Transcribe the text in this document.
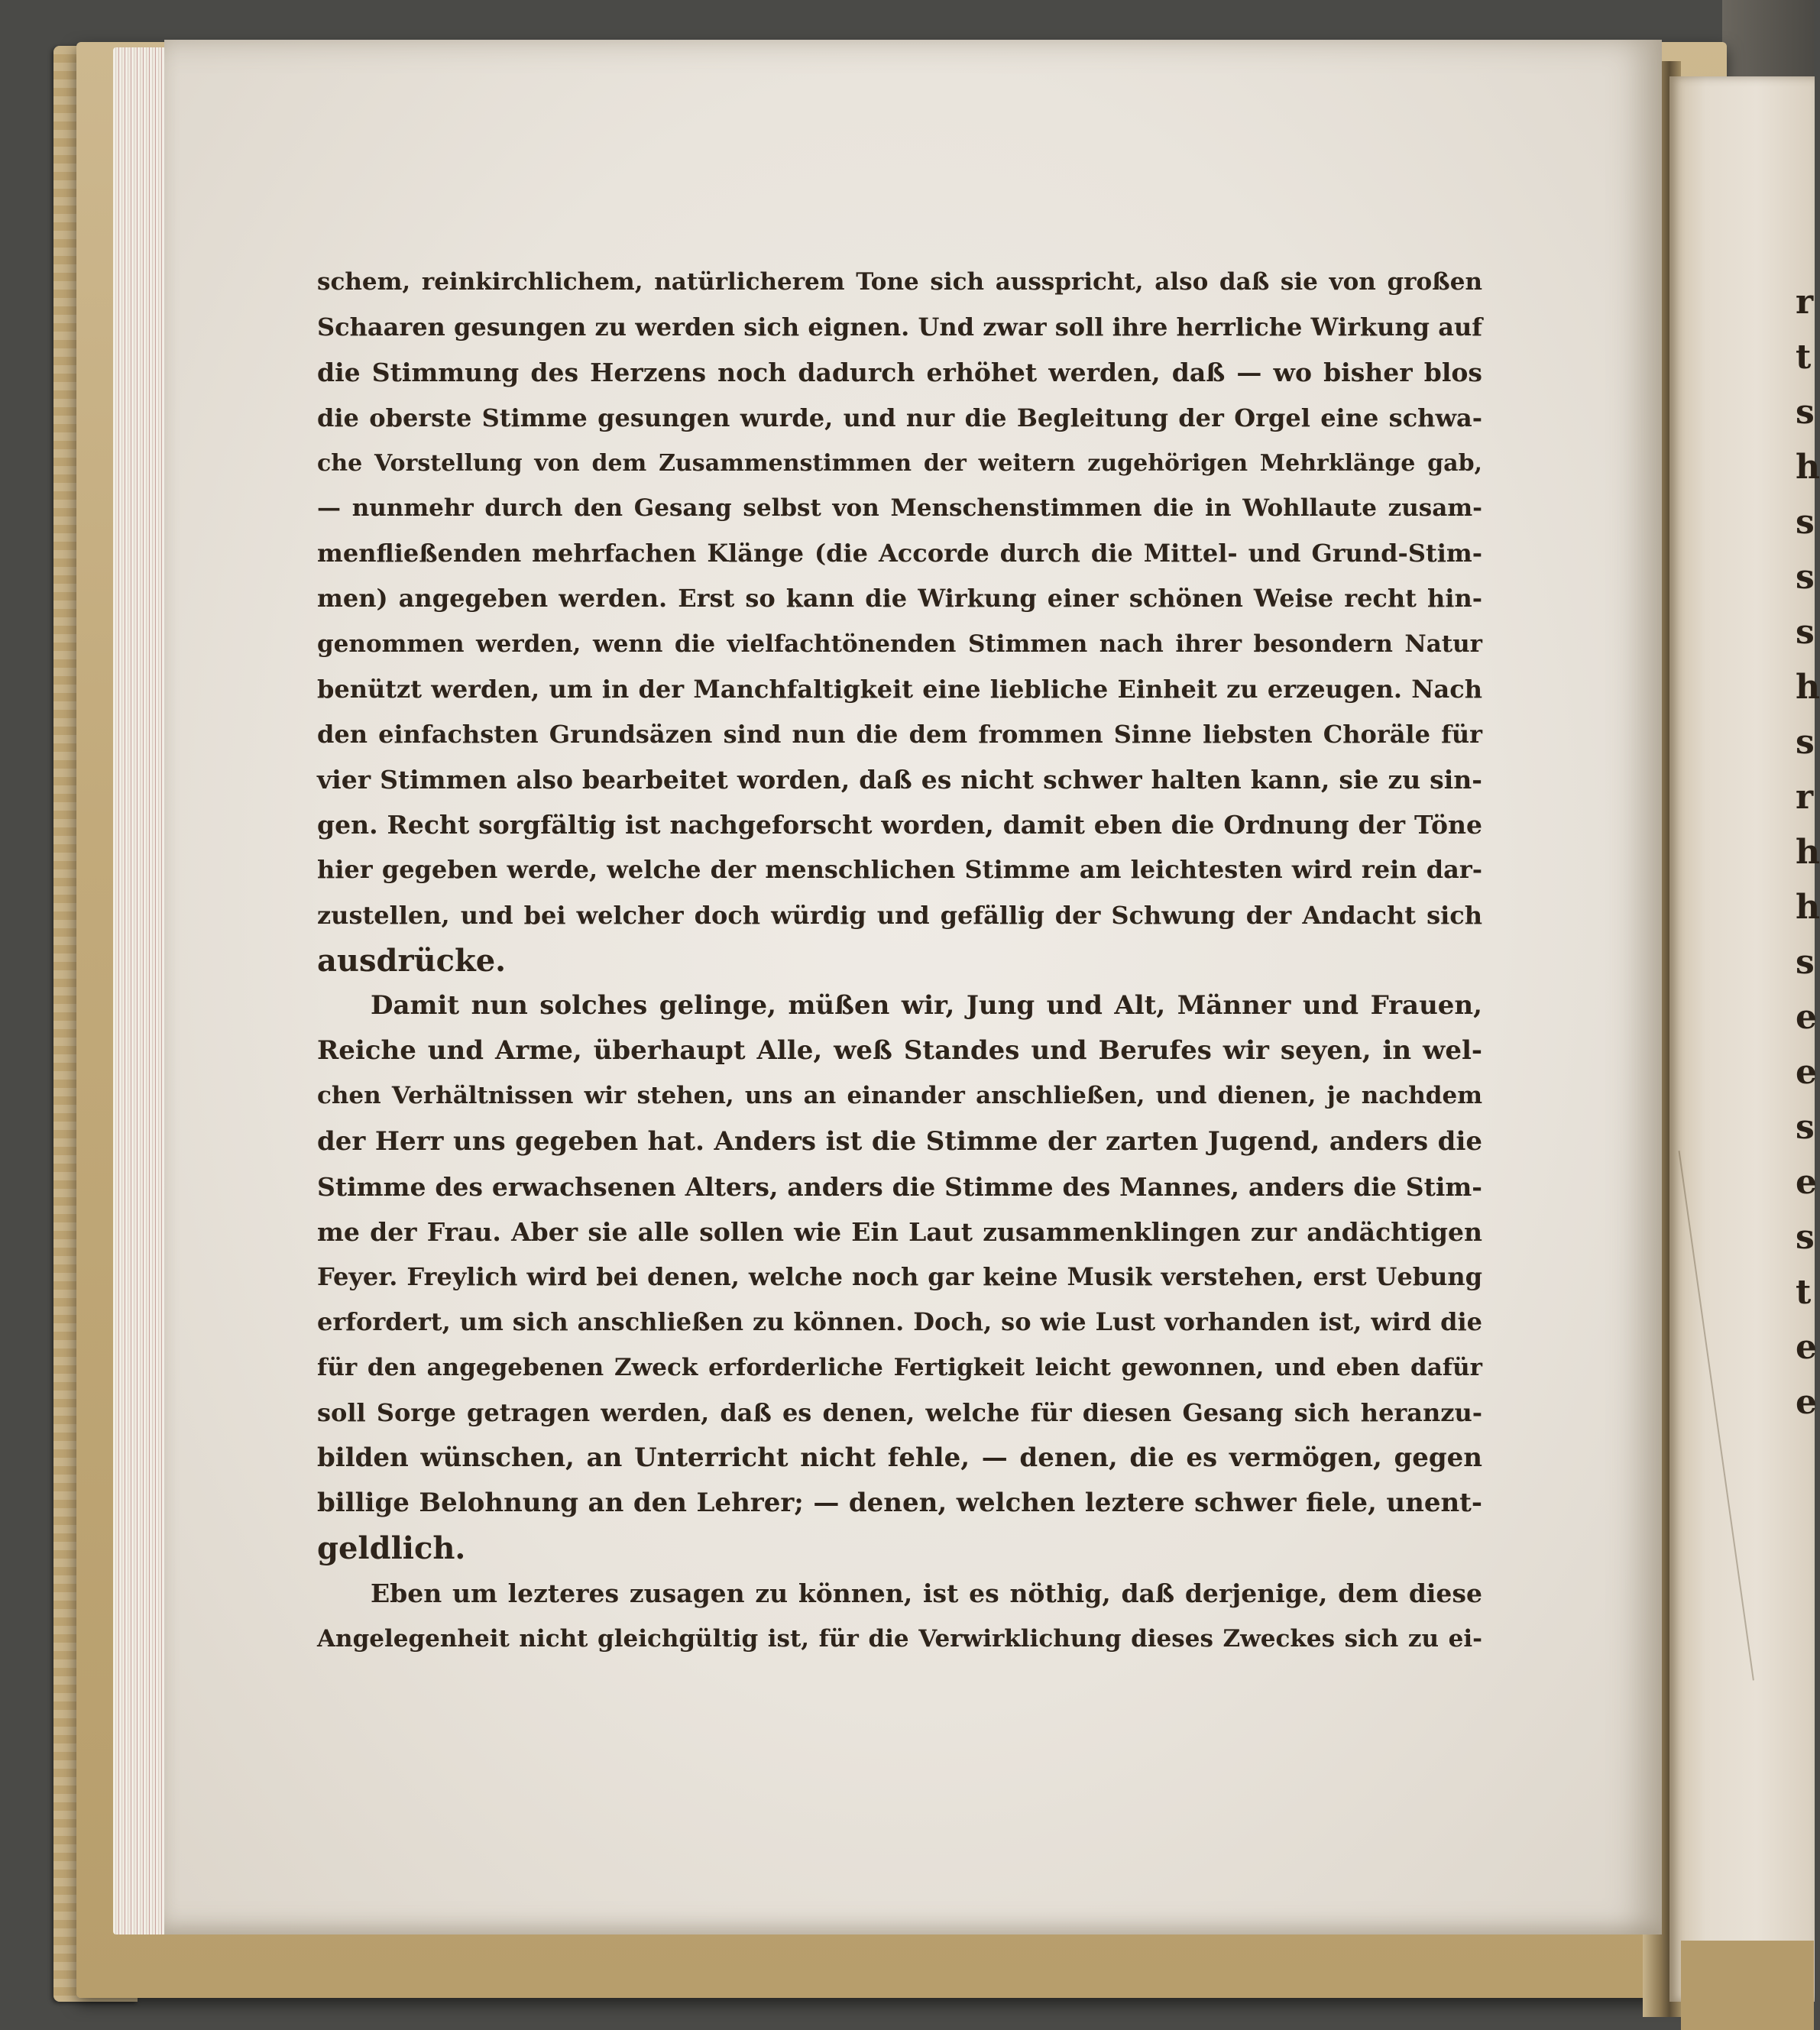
r
t
s
h
s
s
s
h
s
r
h
h
s
e
e
s
e
s
t
e
e
schem, reinkirchlichem, natürlicherem Tone sich ausspricht, also daß sie von großen
Schaaren gesungen zu werden sich eignen. Und zwar soll ihre herrliche Wirkung auf
die Stimmung des Herzens noch dadurch erhöhet werden, daß — wo bisher blos
die oberste Stimme gesungen wurde, und nur die Begleitung der Orgel eine schwa-
che Vorstellung von dem Zusammenstimmen der weitern zugehörigen Mehrklänge gab,
— nunmehr durch den Gesang selbst von Menschenstimmen die in Wohllaute zusam-
menfließenden mehrfachen Klänge (die Accorde durch die Mittel- und Grund-Stim-
men) angegeben werden. Erst so kann die Wirkung einer schönen Weise recht hin-
genommen werden, wenn die vielfachtönenden Stimmen nach ihrer besondern Natur
benützt werden, um in der Manchfaltigkeit eine liebliche Einheit zu erzeugen. Nach
den einfachsten Grundsäzen sind nun die dem frommen Sinne liebsten Choräle für
vier Stimmen also bearbeitet worden, daß es nicht schwer halten kann, sie zu sin-
gen. Recht sorgfältig ist nachgeforscht worden, damit eben die Ordnung der Töne
hier gegeben werde, welche der menschlichen Stimme am leichtesten wird rein dar-
zustellen, und bei welcher doch würdig und gefällig der Schwung der Andacht sich
ausdrücke.
Damit nun solches gelinge, müßen wir, Jung und Alt, Männer und Frauen,
Reiche und Arme, überhaupt Alle, weß Standes und Berufes wir seyen, in wel-
chen Verhältnissen wir stehen, uns an einander anschließen, und dienen, je nachdem
der Herr uns gegeben hat. Anders ist die Stimme der zarten Jugend, anders die
Stimme des erwachsenen Alters, anders die Stimme des Mannes, anders die Stim-
me der Frau. Aber sie alle sollen wie Ein Laut zusammenklingen zur andächtigen
Feyer. Freylich wird bei denen, welche noch gar keine Musik verstehen, erst Uebung
erfordert, um sich anschließen zu können. Doch, so wie Lust vorhanden ist, wird die
für den angegebenen Zweck erforderliche Fertigkeit leicht gewonnen, und eben dafür
soll Sorge getragen werden, daß es denen, welche für diesen Gesang sich heranzu-
bilden wünschen, an Unterricht nicht fehle, — denen, die es vermögen, gegen
billige Belohnung an den Lehrer; — denen, welchen leztere schwer fiele, unent-
geldlich.
Eben um lezteres zusagen zu können, ist es nöthig, daß derjenige, dem diese
Angelegenheit nicht gleichgültig ist, für die Verwirklichung dieses Zweckes sich zu ei-
